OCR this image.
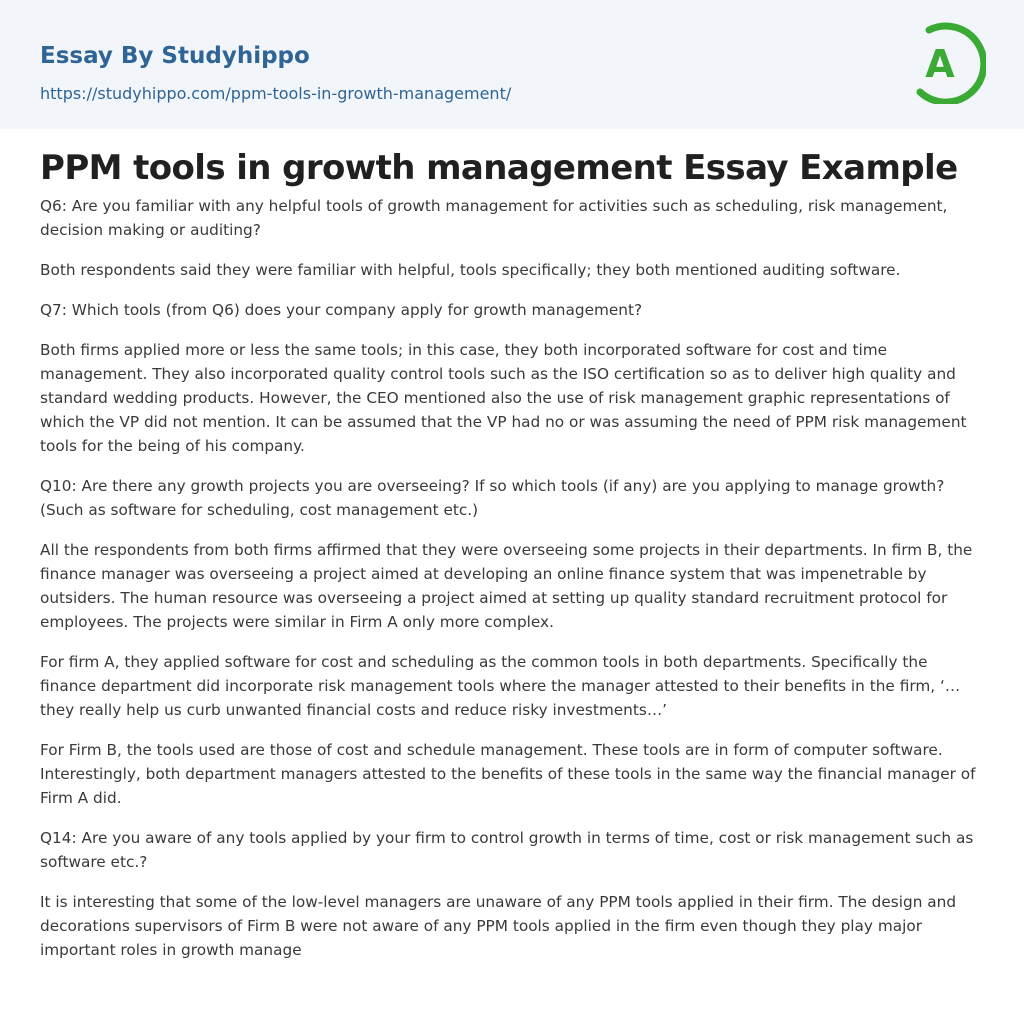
Essay By Studyhippo
https://studyhippo.com/ppm-tools-in-growth-management/
A
PPM tools in growth management Essay Example

Q6: Are you familiar with any helpful tools of growth management for activities such as scheduling, risk management, decision making or auditing?

Both respondents said they were familiar with helpful, tools specifically; they both mentioned auditing software.

Q7: Which tools (from Q6) does your company apply for growth management?

Both firms applied more or less the same tools; in this case, they both incorporated software for cost and time management. They also incorporated quality control tools such as the ISO certification so as to deliver high quality and standard wedding products. However, the CEO mentioned also the use of risk management graphic representations of which the VP did not mention. It can be assumed that the VP had no or was assuming the need of PPM risk management tools for the being of his company.

Q10: Are there any growth projects you are overseeing? If so which tools (if any) are you applying to manage growth? (Such as software for scheduling, cost management etc.)

All the respondents from both firms affirmed that they were overseeing some projects in their departments. In firm B, the finance manager was overseeing a project aimed at developing an online finance system that was impenetrable by outsiders. The human resource was overseeing a project aimed at setting up quality standard recruitment protocol for employees. The projects were similar in Firm A only more complex.

For firm A, they applied software for cost and scheduling as the common tools in both departments. Specifically the finance department did incorporate risk management tools where the manager attested to their benefits in the firm, ‘…they really help us curb unwanted financial costs and reduce risky investments…’

For Firm B, the tools used are those of cost and schedule management. These tools are in form of computer software. Interestingly, both department managers attested to the benefits of these tools in the same way the financial manager of Firm A did.

Q14: Are you aware of any tools applied by your firm to control growth in terms of time, cost or risk management such as software etc.?

It is interesting that some of the low-level managers are unaware of any PPM tools applied in their firm. The design and decorations supervisors of Firm B were not aware of any PPM tools applied in the firm even though they play major important roles in growth manage
